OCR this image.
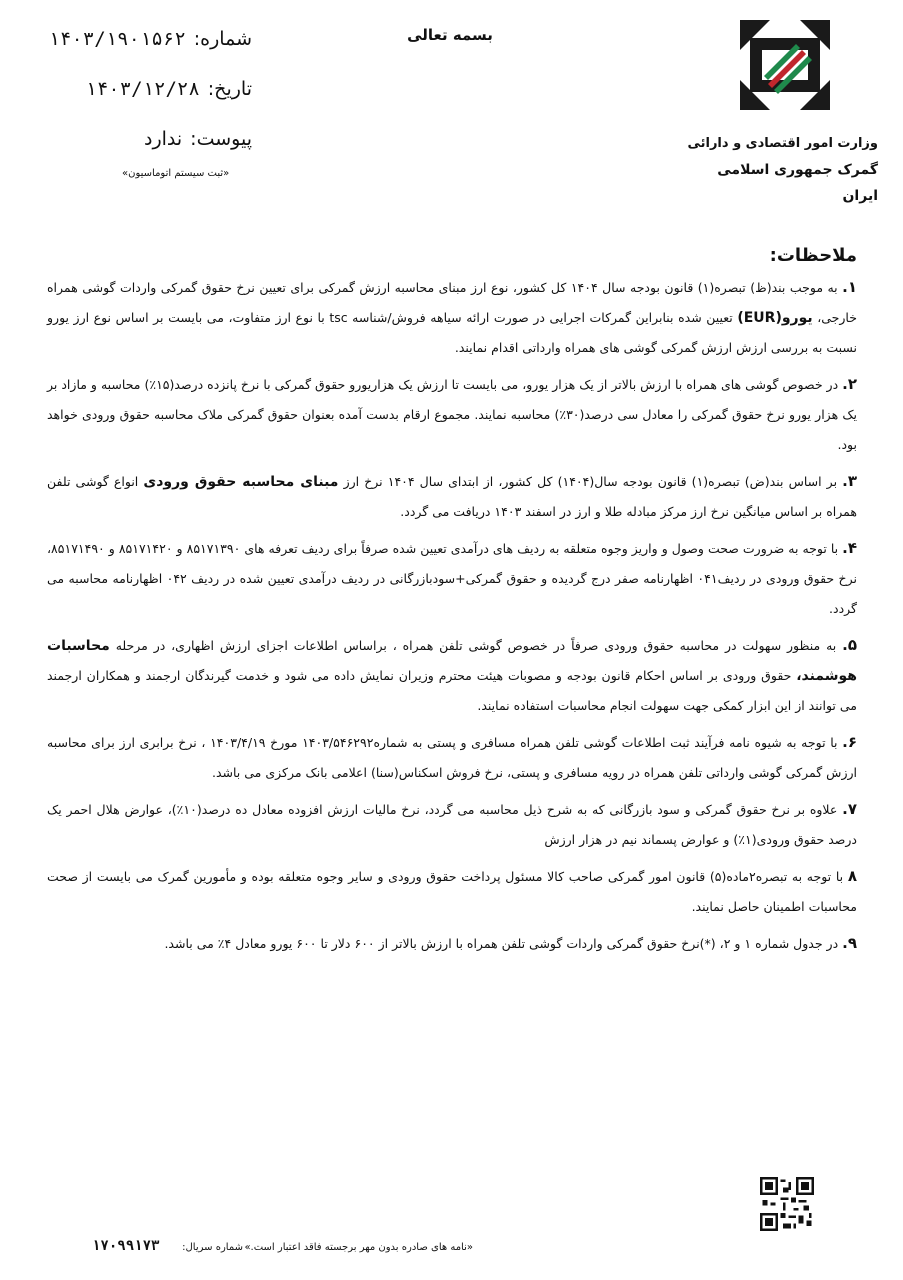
بسمه تعالی
شماره:
۱۴۰۳/۱۹۰۱۵۶۲
تاریخ:
۱۴۰۳/۱۲/۲۸
پیوست:
ندارد
«ثبت سیستم اتوماسیون»
وزارت امور اقتصادی و دارائی
گمرک جمهوری اسلامی ایران
ملاحظات:

۱. به موجب بند(ظ) تبصره(۱) قانون بودجه سال ۱۴۰۴ کل کشور، نوع ارز مبنای محاسبه ارزش گمرکی برای تعیین نرخ حقوق گمرکی واردات گوشی همراه خارجی، یورو(EUR) تعیین شده بنابراین گمرکات اجرایی در صورت ارائه سیاهه فروش/شناسه tsc با نوع ارز متفاوت، می بایست بر اساس نوع ارز یورو نسبت به بررسی ارزش ارزش گمرکی گوشی های همراه وارداتی اقدام نمایند.

۲. در خصوص گوشی های همراه با ارزش بالاتر از یک هزار یورو، می بایست تا ارزش یک هزاریورو حقوق گمرکی با نرخ پانزده درصد(۱۵٪) محاسبه و مازاد بر یک هزار یورو نرخ حقوق گمرکی را معادل سی درصد(۳۰٪) محاسبه نمایند. مجموع ارقام بدست آمده بعنوان حقوق گمرکی ملاک محاسبه حقوق ورودی خواهد بود.

۳. بر اساس بند(ض) تبصره(۱) قانون بودجه سال(۱۴۰۴) کل کشور، از ابتدای سال ۱۴۰۴ نرخ ارز مبنای محاسبه حقوق ورودی انواع گوشی تلفن همراه بر اساس میانگین نرخ ارز مرکز مبادله طلا و ارز در اسفند ۱۴۰۳ دریافت می گردد.

۴. با توجه به ضرورت صحت وصول و واریز وجوه متعلقه به ردیف های درآمدی تعیین شده صرفاً برای ردیف تعرفه های ۸۵۱۷۱۳۹۰ و ۸۵۱۷۱۴۲۰ و ۸۵۱۷۱۴۹۰، نرخ حقوق ورودی در ردیف۰۴۱ اظهارنامه صفر درج گردیده و حقوق گمرکی+سودبازرگانی در ردیف درآمدی تعیین شده در ردیف ۰۴۲ اظهارنامه محاسبه می گردد.

۵. به منظور سهولت در محاسبه حقوق ورودی صرفاً در خصوص گوشی تلفن همراه ، براساس اطلاعات اجزای ارزش اظهاری، در مرحله محاسبات هوشمند، حقوق ورودی بر اساس احکام قانون بودجه و مصوبات هیئت محترم وزیران نمایش داده می شود و خدمت گیرندگان ارجمند و همکاران ارجمند می توانند از این ابزار کمکی جهت سهولت انجام محاسبات استفاده نمایند.

۶. با توجه به شیوه نامه فرآیند ثبت اطلاعات گوشی تلفن همراه مسافری و پستی به شماره۱۴۰۳/۵۴۶۲۹۲ مورخ ۱۴۰۳/۴/۱۹ ، نرخ برابری ارز برای محاسبه ارزش گمرکی گوشی وارداتی تلفن همراه در رویه مسافری و پستی، نرخ فروش اسکناس(سنا) اعلامی بانک مرکزی می باشد.

۷. علاوه بر نرخ حقوق گمرکی و سود بازرگانی که به شرح ذیل محاسبه می گردد، نرخ مالیات ارزش افزوده معادل ده درصد(۱۰٪)، عوارض هلال احمر یک درصد حقوق ورودی(۱٪) و عوارض پسماند نیم در هزار ارزش

۸ با توجه به تبصره۲ماده(۵) قانون امور گمرکی صاحب کالا مسئول پرداخت حقوق ورودی و سایر وجوه متعلقه بوده و مأمورین گمرک می بایست از صحت محاسبات اطمینان حاصل نمایند.

۹. در جدول شماره ۱ و ۲، (*)نرخ حقوق گمرکی واردات گوشی تلفن همراه با ارزش بالاتر از ۶۰۰ دلار تا ۶۰۰ یورو معادل ۴٪ می باشد.

«نامه های صادره بدون مهر برجسته فاقد اعتبار است.»
شماره سریال:
۱۷۰۹۹۱۷۳
